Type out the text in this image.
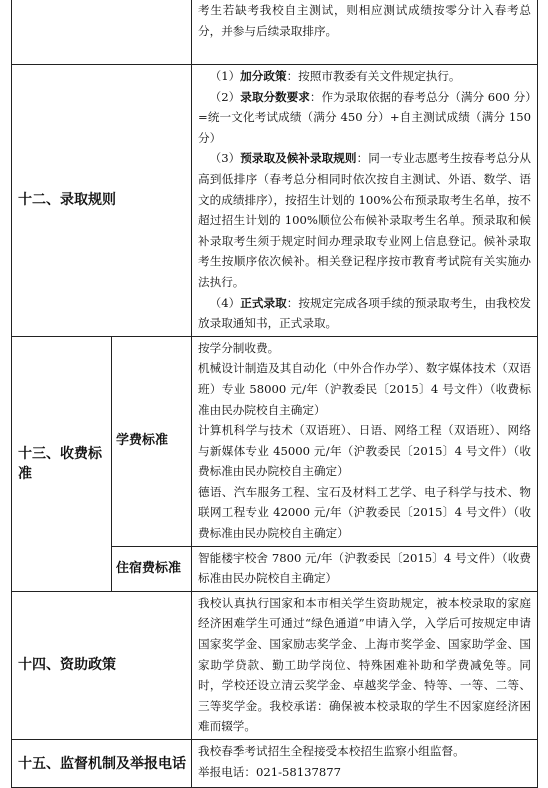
		考生若缺考我校自主测试，则相应测试成绩按零分计入春考总分，并参与后续录取排序。

十二、录取规则		（1）加分政策：按照市教委有关文件规定执行。

（2）录取分数要求：作为录取依据的春考总分（满分 600 分）=统一文化考试成绩（满分 450 分）+自主测试成绩（满分 150 分）

（3）预录取及候补录取规则：同一专业志愿考生按春考总分从高到低排序（春考总分相同时依次按自主测试、外语、数学、语文的成绩排序），按招生计划的 100%公布预录取考生名单，按不超过招生计划的 100%顺位公布候补录取考生名单。预录取和候补录取考生须于规定时间办理录取专业网上信息登记。候补录取考生按顺序依次候补。相关登记程序按市教育考试院有关实施办法执行。

（4）正式录取：按规定完成各项手续的预录取考生，由我校发放录取通知书，正式录取。

十三、收费标准	学费标准	按学分制收费。

机械设计制造及其自动化（中外合作办学）、数字媒体技术（双语班）专业 58000 元/年（沪教委民〔2015〕4 号文件）（收费标准由民办院校自主确定）

计算机科学与技术（双语班）、日语、网络工程（双语班）、网络与新媒体专业 45000 元/年（沪教委民〔2015〕4 号文件）（收费标准由民办院校自主确定）

德语、汽车服务工程、宝石及材料工艺学、电子科学与技术、物联网工程专业 42000 元/年（沪教委民〔2015〕4 号文件）（收费标准由民办院校自主确定）

	住宿费标准	智能楼宇校舍 7800 元/年（沪教委民〔2015〕4 号文件）（收费标准由民办院校自主确定）

十四、资助政策		我校认真执行国家和本市相关学生资助规定，被本校录取的家庭经济困难学生可通过“绿色通道”申请入学，入学后可按规定申请国家奖学金、国家励志奖学金、上海市奖学金、国家助学金、国家助学贷款、勤工助学岗位、特殊困难补助和学费减免等。同时，学校还设立清云奖学金、卓越奖学金、特等、一等、二等、三等奖学金。我校承诺：确保被本校录取的学生不因家庭经济困难而辍学。

十五、监督机制及举报电话		我校春季考试招生全程接受本校招生监察小组监督。

举报电话：021-58137877
